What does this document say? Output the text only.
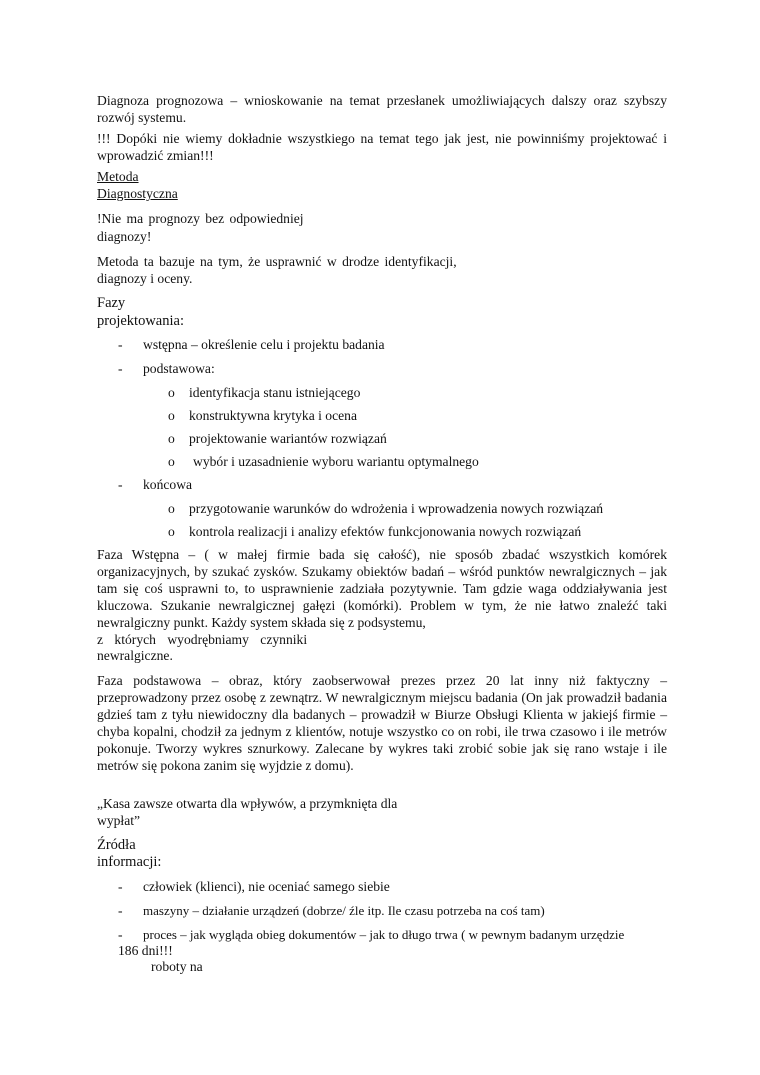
Diagnoza prognozowa – wnioskowanie na temat przesłanek umożliwiających dalszy oraz szybszy rozwój systemu.

!!! Dopóki nie wiemy dokładnie wszystkiego na temat tego jak jest, nie powinniśmy projektować i wprowadzić zmian!!!

Metoda
Diagnostyczna
!Nie ma prognozy bez odpowiedniej
diagnozy!
Metoda ta bazuje na tym, że usprawnić w drodze identyfikacji,
diagnozy i oceny.
Fazy
projektowania:
- wstępna – określenie celu i projektu badania
- podstawowa:
o identyfikacja stanu istniejącego
o konstruktywna krytyka i ocena
o projektowanie wariantów rozwiązań
o wybór i uzasadnienie wyboru wariantu optymalnego
- końcowa
o przygotowanie warunków do wdrożenia i wprowadzenia nowych rozwiązań
o kontrola realizacji i analizy efektów funkcjonowania nowych rozwiązań

Faza Wstępna – ( w małej firmie bada się całość), nie sposób zbadać wszystkich komórek organizacyjnych, by szukać zysków. Szukamy obiektów badań – wśród punktów newralgicznych – jak tam się coś usprawni to, to usprawnienie zadziała pozytywnie. Tam gdzie waga oddziaływania jest kluczowa. Szukanie newralgicznej gałęzi (komórki). Problem w tym, że nie łatwo znaleźć taki newralgiczny punkt. Każdy system składa się z podsystemu,

z których wyodrębniamy czynniki
newralgiczne.

Faza podstawowa – obraz, który zaobserwował prezes przez 20 lat inny niż faktyczny – przeprowadzony przez osobę z zewnątrz. W newralgicznym miejscu badania (On jak prowadził badania gdzieś tam z tyłu niewidoczny dla badanych – prowadził w Biurze Obsługi Klienta w jakiejś firmie – chyba kopalni, chodził za jednym z klientów, notuje wszystko co on robi, ile trwa czasowo i ile metrów pokonuje. Tworzy wykres sznurkowy. Zalecane by wykres taki zrobić sobie jak się rano wstaje i ile metrów się pokona zanim się wyjdzie z domu).

„Kasa zawsze otwarta dla wpływów, a przymknięta dla
wypłat”
Źródła
informacji:
- człowiek (klienci), nie oceniać samego siebie
- maszyny – działanie urządzeń (dobrze/ źle itp. Ile czasu potrzeba na coś tam)
- proces – jak wygląda obieg dokumentów – jak to długo trwa ( w pewnym badanym urzędzie
186 dni!!!
roboty na
